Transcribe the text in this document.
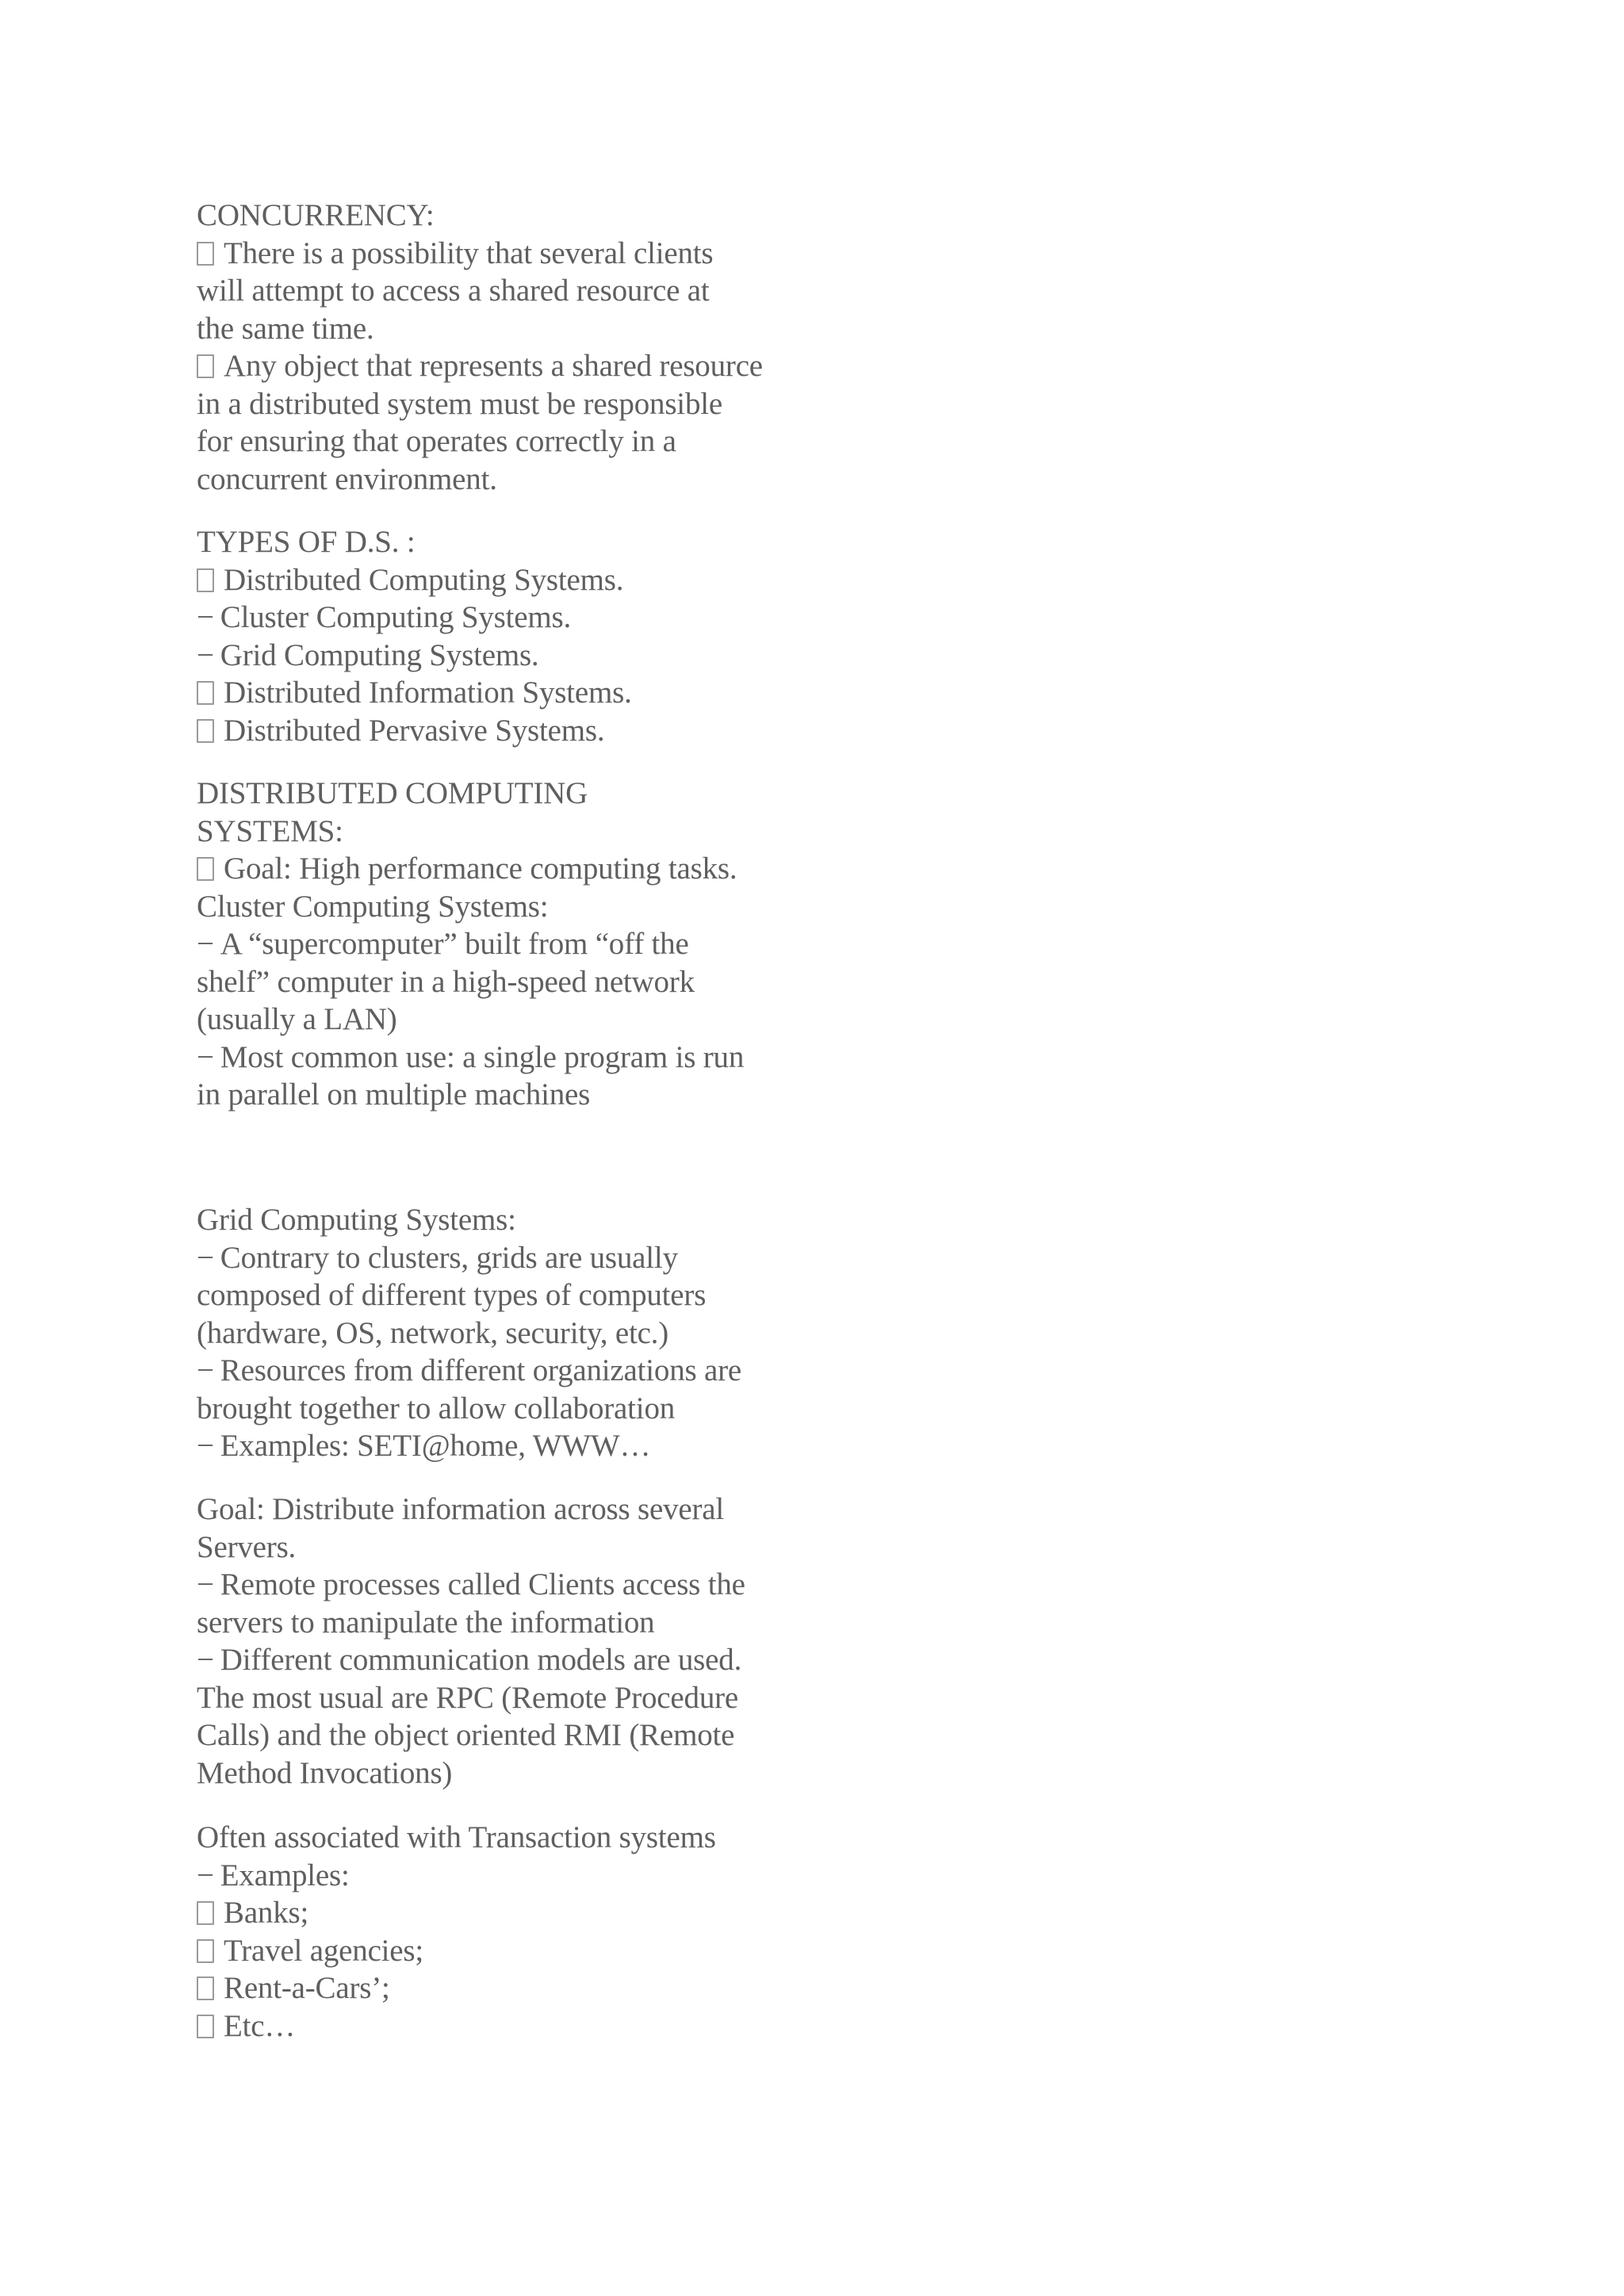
CONCURRENCY:
There is a possibility that several clients
will attempt to access a shared resource at
the same time.
Any object that represents a shared resource
in a distributed system must be responsible
for ensuring that operates correctly in a
concurrent environment.
TYPES OF D.S. :
Distributed Computing Systems.
− Cluster Computing Systems.
− Grid Computing Systems.
Distributed Information Systems.
Distributed Pervasive Systems.
DISTRIBUTED COMPUTING
SYSTEMS:
Goal: High performance computing tasks.
Cluster Computing Systems:
− A “supercomputer” built from “off the
shelf” computer in a high-speed network
(usually a LAN)
− Most common use: a single program is run
in parallel on multiple machines
Grid Computing Systems:
− Contrary to clusters, grids are usually
composed of different types of computers
(hardware, OS, network, security, etc.)
− Resources from different organizations are
brought together to allow collaboration
− Examples: SETI@home, WWW…
Goal: Distribute information across several
Servers.
− Remote processes called Clients access the
servers to manipulate the information
− Different communication models are used.
The most usual are RPC (Remote Procedure
Calls) and the object oriented RMI (Remote
Method Invocations)
Often associated with Transaction systems
− Examples:
Banks;
Travel agencies;
Rent-a-Cars’;
Etc…
